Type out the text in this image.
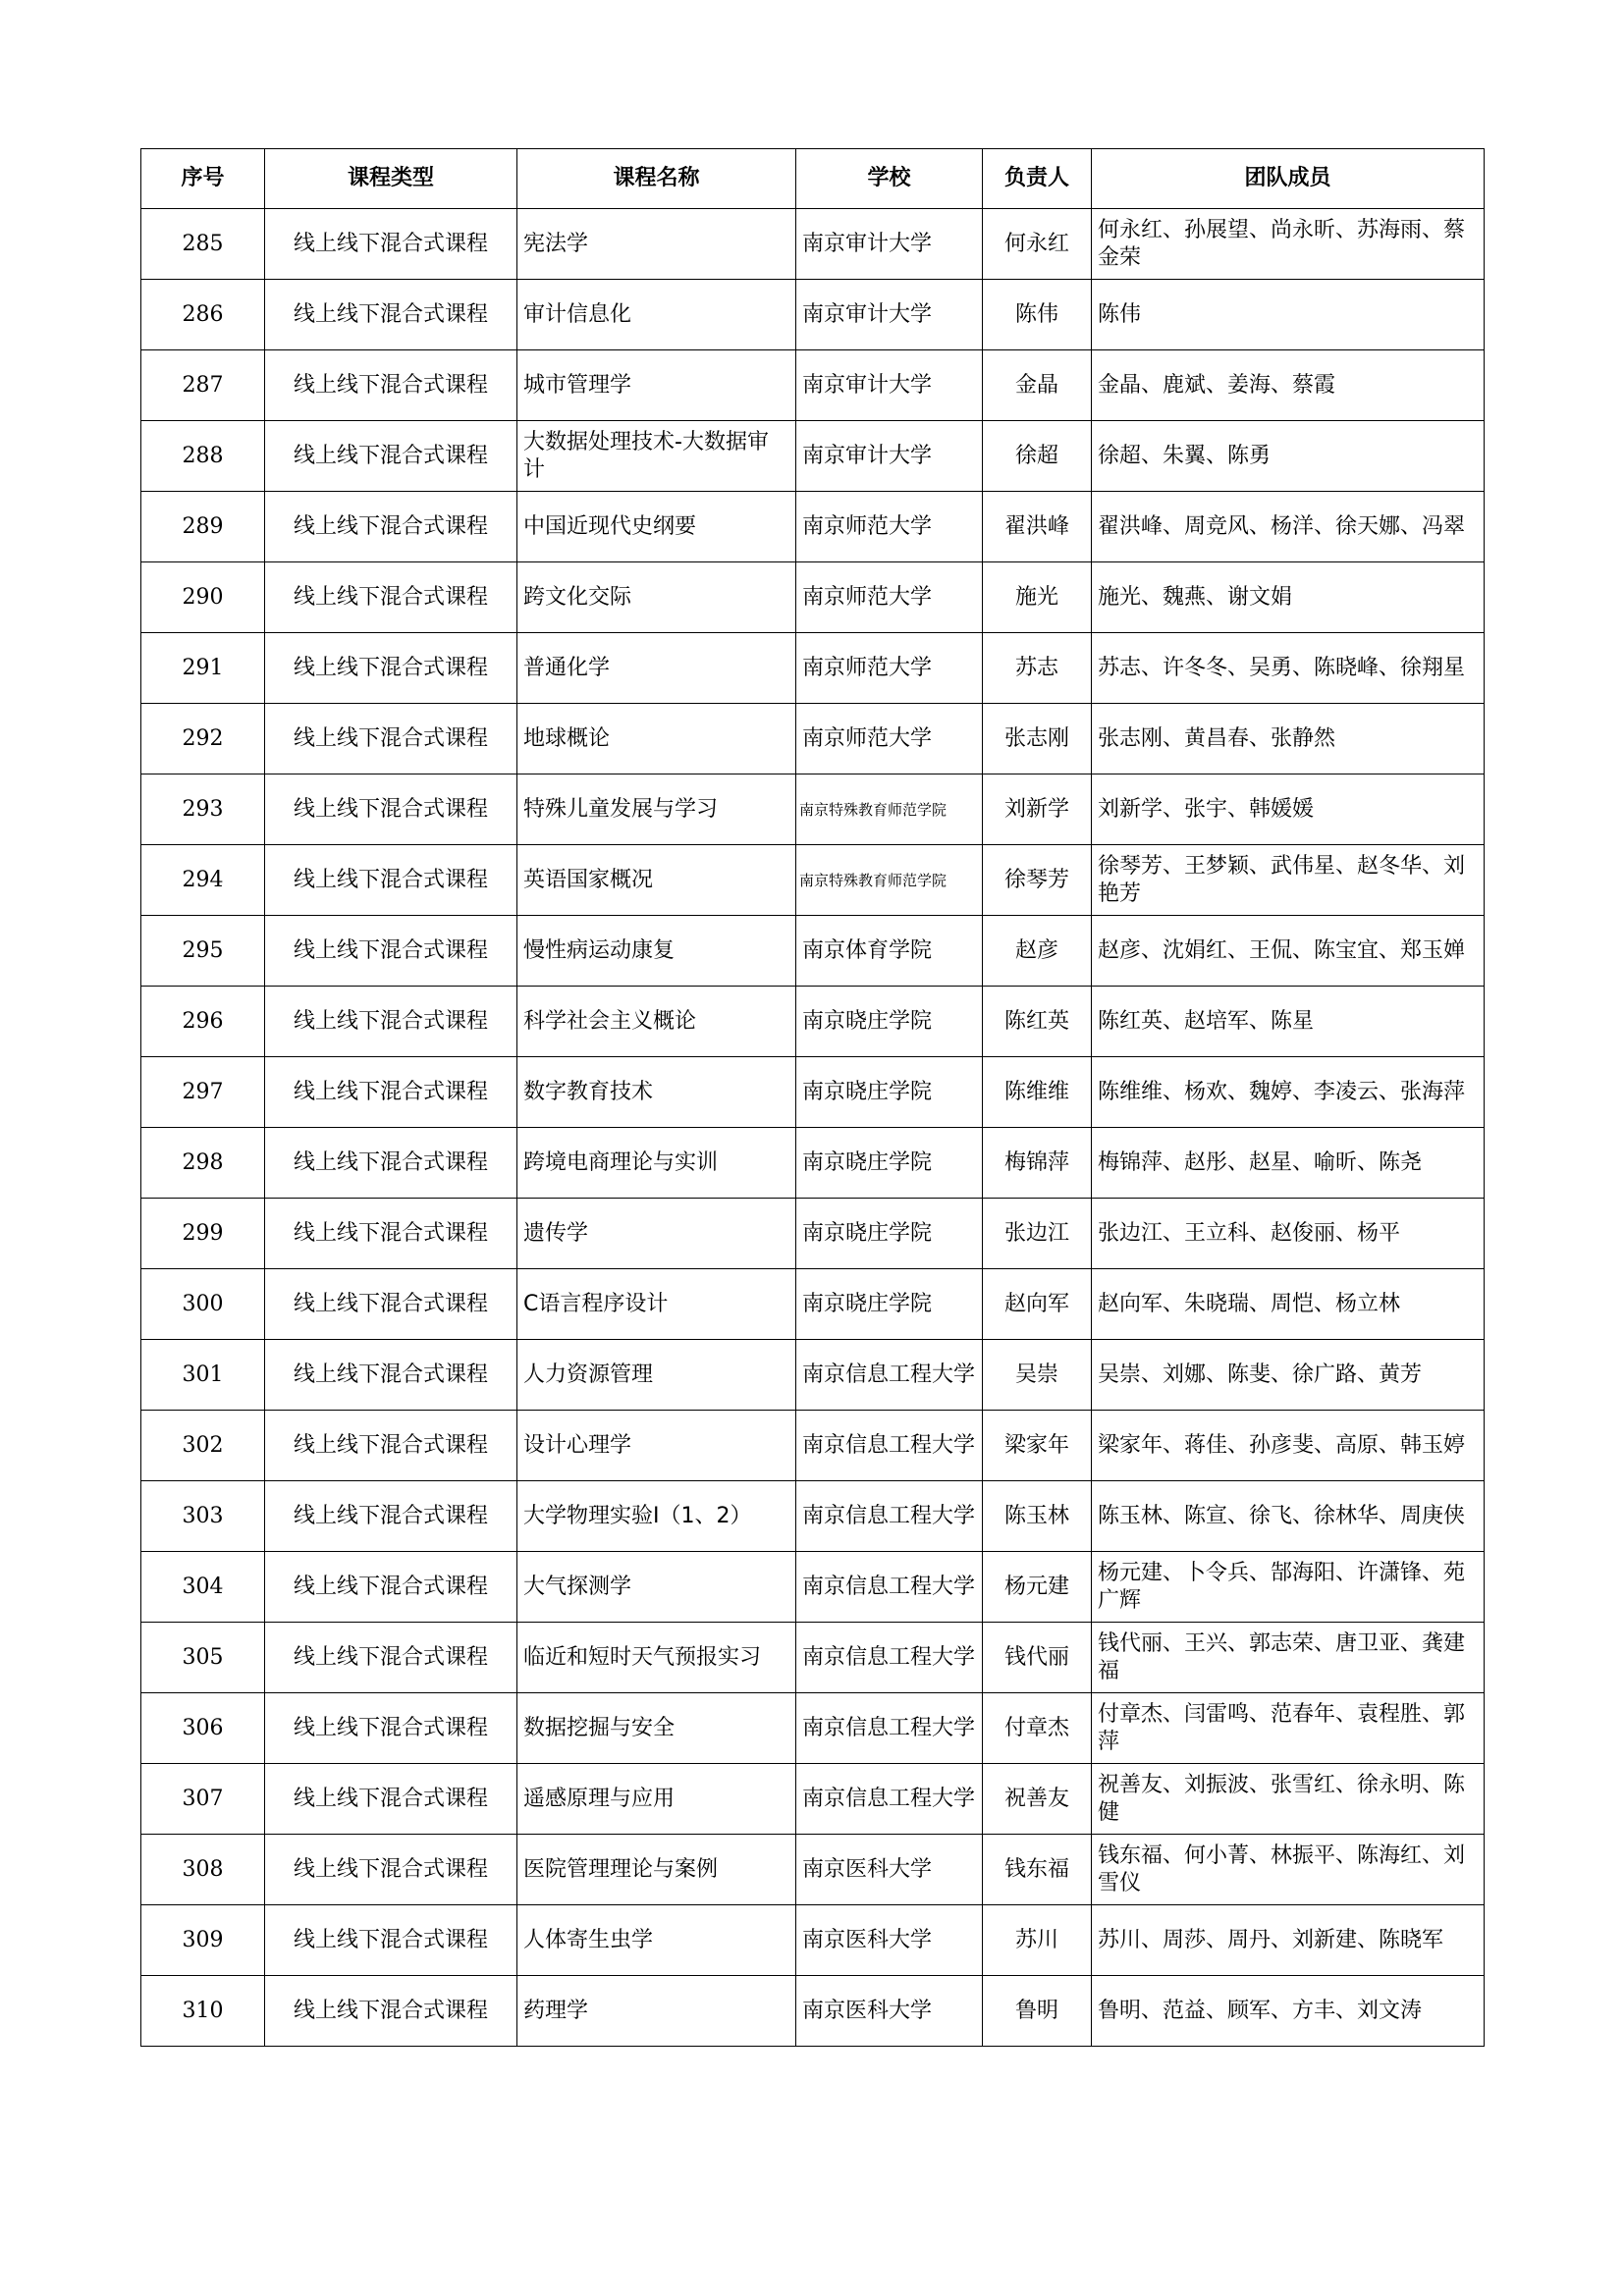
序号	课程类型	课程名称	学校	负责人	团队成员
285	线上线下混合式课程	宪法学	南京审计大学	何永红	何永红、孙展望、尚永昕、苏海雨、蔡金荣
286	线上线下混合式课程	审计信息化	南京审计大学	陈伟	陈伟
287	线上线下混合式课程	城市管理学	南京审计大学	金晶	金晶、鹿斌、姜海、蔡霞
288	线上线下混合式课程	大数据处理技术-大数据审计	南京审计大学	徐超	徐超、朱翼、陈勇
289	线上线下混合式课程	中国近现代史纲要	南京师范大学	翟洪峰	翟洪峰、周竞风、杨洋、徐天娜、冯翠
290	线上线下混合式课程	跨文化交际	南京师范大学	施光	施光、魏燕、谢文娟
291	线上线下混合式课程	普通化学	南京师范大学	苏志	苏志、许冬冬、吴勇、陈晓峰、徐翔星
292	线上线下混合式课程	地球概论	南京师范大学	张志刚	张志刚、黄昌春、张静然
293	线上线下混合式课程	特殊儿童发展与学习	南京特殊教育师范学院	刘新学	刘新学、张宇、韩媛媛
294	线上线下混合式课程	英语国家概况	南京特殊教育师范学院	徐琴芳	徐琴芳、王梦颖、武伟星、赵冬华、刘艳芳
295	线上线下混合式课程	慢性病运动康复	南京体育学院	赵彦	赵彦、沈娟红、王侃、陈宝宜、郑玉婵
296	线上线下混合式课程	科学社会主义概论	南京晓庄学院	陈红英	陈红英、赵培军、陈星
297	线上线下混合式课程	数字教育技术	南京晓庄学院	陈维维	陈维维、杨欢、魏婷、李凌云、张海萍
298	线上线下混合式课程	跨境电商理论与实训	南京晓庄学院	梅锦萍	梅锦萍、赵彤、赵星、喻昕、陈尧
299	线上线下混合式课程	遗传学	南京晓庄学院	张边江	张边江、王立科、赵俊丽、杨平
300	线上线下混合式课程	C语言程序设计	南京晓庄学院	赵向军	赵向军、朱晓瑞、周恺、杨立林
301	线上线下混合式课程	人力资源管理	南京信息工程大学	吴崇	吴崇、刘娜、陈斐、徐广路、黄芳
302	线上线下混合式课程	设计心理学	南京信息工程大学	梁家年	梁家年、蒋佳、孙彦斐、高原、韩玉婷
303	线上线下混合式课程	大学物理实验Ⅰ（1、2）	南京信息工程大学	陈玉林	陈玉林、陈宣、徐飞、徐林华、周庚侠
304	线上线下混合式课程	大气探测学	南京信息工程大学	杨元建	杨元建、卜令兵、郜海阳、许潇锋、苑广辉
305	线上线下混合式课程	临近和短时天气预报实习	南京信息工程大学	钱代丽	钱代丽、王兴、郭志荣、唐卫亚、龚建福
306	线上线下混合式课程	数据挖掘与安全	南京信息工程大学	付章杰	付章杰、闫雷鸣、范春年、袁程胜、郭萍
307	线上线下混合式课程	遥感原理与应用	南京信息工程大学	祝善友	祝善友、刘振波、张雪红、徐永明、陈健
308	线上线下混合式课程	医院管理理论与案例	南京医科大学	钱东福	钱东福、何小菁、林振平、陈海红、刘雪仪
309	线上线下混合式课程	人体寄生虫学	南京医科大学	苏川	苏川、周莎、周丹、刘新建、陈晓军
310	线上线下混合式课程	药理学	南京医科大学	鲁明	鲁明、范益、顾军、方丰、刘文涛
